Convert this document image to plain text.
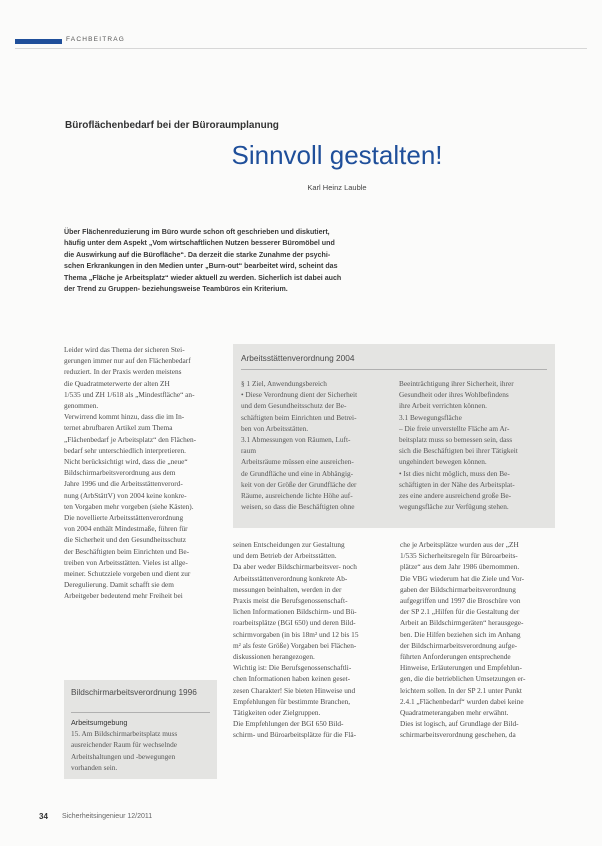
FACHBEITRAG
Büroflächenbedarf bei der Büroraumplanung
Sinnvoll gestalten!
Karl Heinz Lauble
Über Flächenreduzierung im Büro wurde schon oft geschrieben und diskutiert,
häufig unter dem Aspekt „Vom wirtschaftlichen Nutzen besserer Büromöbel und
die Auswirkung auf die Bürofläche“. Da derzeit die starke Zunahme der psychi-
schen Erkrankungen in den Medien unter „Burn-out“ bearbeitet wird, scheint das
Thema „Fläche je Arbeitsplatz“ wieder aktuell zu werden. Sicherlich ist dabei auch
der Trend zu Gruppen- beziehungsweise Teambüros ein Kriterium.

Leider wird das Thema der sicheren Stei-

gerungen immer nur auf den Flächenbedarf

reduziert. In der Praxis werden meistens

die Quadratmeterwerte der alten ZH

1/535 und ZH 1/618 als „Mindestfläche“ an-

genommen.

Verwirrend kommt hinzu, dass die im In-

ternet abrufbaren Artikel zum Thema

„Flächenbedarf je Arbeitsplatz“ den Flächen-

bedarf sehr unterschiedlich interpretieren.

Nicht berücksichtigt wird, dass die „neue“

Bildschirmarbeitsverordnung aus dem

Jahre 1996 und die Arbeitsstättenverord-

nung (ArbStättV) von 2004 keine konkre-

ten Vorgaben mehr vorgeben (siehe Kästen).

Die novellierte Arbeitsstättenverordnung

von 2004 enthält Mindestmaße, führen für

die Sicherheit und den Gesundheitsschutz

der Beschäftigten beim Einrichten und Be-

treiben von Arbeitsstätten. Vieles ist allge-

meiner. Schutzziele vorgeben und dient zur

Deregulierung. Damit schafft sie dem

Arbeitgeber bedeutend mehr Freiheit bei

Arbeitsstättenverordnung 2004

§ 1 Ziel, Anwendungsbereich

• Diese Verordnung dient der Sicherheit

und dem Gesundheitsschutz der Be-

schäftigten beim Einrichten und Betrei-

ben von Arbeitsstätten.

3.1 Abmessungen von Räumen, Luft-

raum

Arbeitsräume müssen eine ausreichen-

de Grundfläche und eine in Abhängig-

keit von der Größe der Grundfläche der

Räume, ausreichende lichte Höhe auf-

weisen, so dass die Beschäftigten ohne

Beeinträchtigung ihrer Sicherheit, ihrer

Gesundheit oder ihres Wohlbefindens

ihre Arbeit verrichten können.

3.1 Bewegungsfläche

– Die freie unverstellte Fläche am Ar-

beitsplatz muss so bemessen sein, dass

sich die Beschäftigten bei ihrer Tätigkeit

ungehindert bewegen können.

• Ist dies nicht möglich, muss den Be-

schäftigten in der Nähe des Arbeitsplat-

zes eine andere ausreichend große Be-

wegungsfläche zur Verfügung stehen.

seinen Entscheidungen zur Gestaltung

und dem Betrieb der Arbeitsstätten.

Da aber weder Bildschirmarbeitsver- noch

Arbeitsstättenverordnung konkrete Ab-

messungen beinhalten, werden in der

Praxis meist die Berufsgenossenschaft-

lichen Informationen Bildschirm- und Bü-

roarbeitsplätze (BGI 650) und deren Bild-

schirmvorgaben (in bis 18m² und 12 bis 15

m² als feste Größe) Vorgaben bei Flächen-

diskussionen herangezogen.

Wichtig ist: Die Berufsgenossenschaftli-

chen Informationen haben keinen geset-

zesen Charakter! Sie bieten Hinweise und

Empfehlungen für bestimmte Branchen,

Tätigkeiten oder Zielgruppen.

Die Empfehlungen der BGI 650 Bild-

schirm- und Büroarbeitsplätze für die Flä-

che je Arbeitsplätze wurden aus der „ZH

1/535 Sicherheitsregeln für Büroarbeits-

plätze“ aus dem Jahr 1986 übernommen.

Die VBG wiederum hat die Ziele und Vor-

gaben der Bildschirmarbeitsverordnung

aufgegriffen und 1997 die Broschüre von

der SP 2.1 „Hilfen für die Gestaltung der

Arbeit an Bildschirmgeräten“ herausgege-

ben. Die Hilfen beziehen sich im Anhang

der Bildschirmarbeitsverordnung aufge-

führten Anforderungen entsprechende

Hinweise, Erläuterungen und Empfehlun-

gen, die die betrieblichen Umsetzungen er-

leichtern sollen. In der SP 2.1 unter Punkt

2.4.1 „Flächenbedarf“ wurden dabei keine

Quadratmeterangaben mehr erwähnt.

Dies ist logisch, auf Grundlage der Bild-

schirmarbeitsverordnung geschehen, da

Bildschirmarbeitsverordnung 1996

Arbeitsumgebung

15. Am Bildschirmarbeitsplatz muss

ausreichender Raum für wechselnde

Arbeitshaltungen und -bewegungen

vorhanden sein.

34 Sicherheitsingenieur 12/2011
